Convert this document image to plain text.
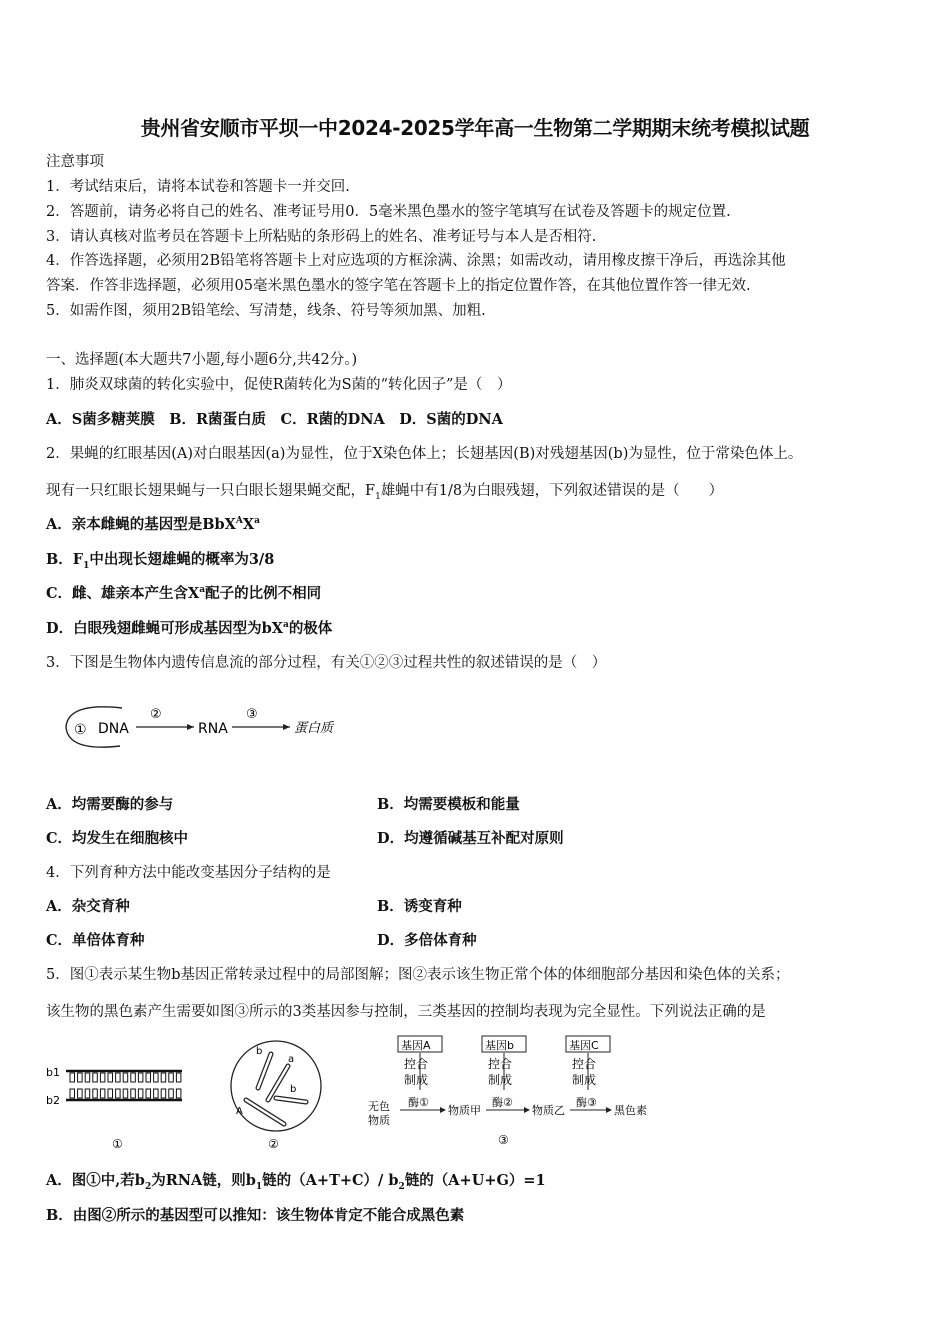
贵州省安顺市平坝一中2024-2025学年高一生物第二学期期末统考模拟试题
注意事项
1．考试结束后，请将本试卷和答题卡一并交回.
2．答题前，请务必将自己的姓名、准考证号用0．5毫米黑色墨水的签字笔填写在试卷及答题卡的规定位置.
3．请认真核对监考员在答题卡上所粘贴的条形码上的姓名、准考证号与本人是否相符.
4．作答选择题，必须用2B铅笔将答题卡上对应选项的方框涂满、涂黑；如需改动，请用橡皮擦干净后，再选涂其他
答案．作答非选择题，必须用05毫米黑色墨水的签字笔在答题卡上的指定位置作答，在其他位置作答一律无效.
5．如需作图，须用2B铅笔绘、写清楚，线条、符号等须加黑、加粗.
一、选择题(本大题共7小题,每小题6分,共42分。)
1．肺炎双球菌的转化实验中，促使R菌转化为S菌的“转化因子”是（　）
A．S菌多糖荚膜　B．R菌蛋白质　C．R菌的DNA　D．S菌的DNA
2．果蝇的红眼基因(A)对白眼基因(a)为显性，位于X染色体上；长翅基因(B)对残翅基因(b)为显性，位于常染色体上。
现有一只红眼长翅果蝇与一只白眼长翅果蝇交配，$F_1$雄蝇中有1/8为白眼残翅，下列叙述错误的是（　　）
A．亲本雌蝇的基因型是$BbX^AX^a$
B．$F_1$中出现长翅雄蝇的概率为3/8
C．雌、雄亲本产生含$X^a$配子的比例不相同
D．白眼残翅雌蝇可形成基因型为$bX^a$的极体
3．下图是生物体内遗传信息流的部分过程，有关①②③过程共性的叙述错误的是（　）
① DNA
②
RNA
③
蛋白质
A．均需要酶的参与	B．均需要模板和能量
C．均发生在细胞核中	D．均遵循碱基互补配对原则
4．下列育种方法中能改变基因分子结构的是
A．杂交育种	B．诱变育种
C．单倍体育种	D．多倍体育种
5．图①表示某生物b基因正常转录过程中的局部图解；图②表示该生物正常个体的体细胞部分基因和染色体的关系；
该生物的黑色素产生需要如图③所示的3类基因参与控制，三类基因的控制均表现为完全显性。下列说法正确的是
b1
b2
①
b
a
b
A
②
基因A	基因b	基因C
控合
制成
控合
制成
控合
制成
酶①	酶②	酶③
无色
物质
物质甲	物质乙	黑色素
③
A．图①中,若$b_2$为RNA链，则$b_1$链的（A+T+C）/ $b_2$链的（A+U+G）=1
B．由图②所示的基因型可以推知：该生物体肯定不能合成黑色素
